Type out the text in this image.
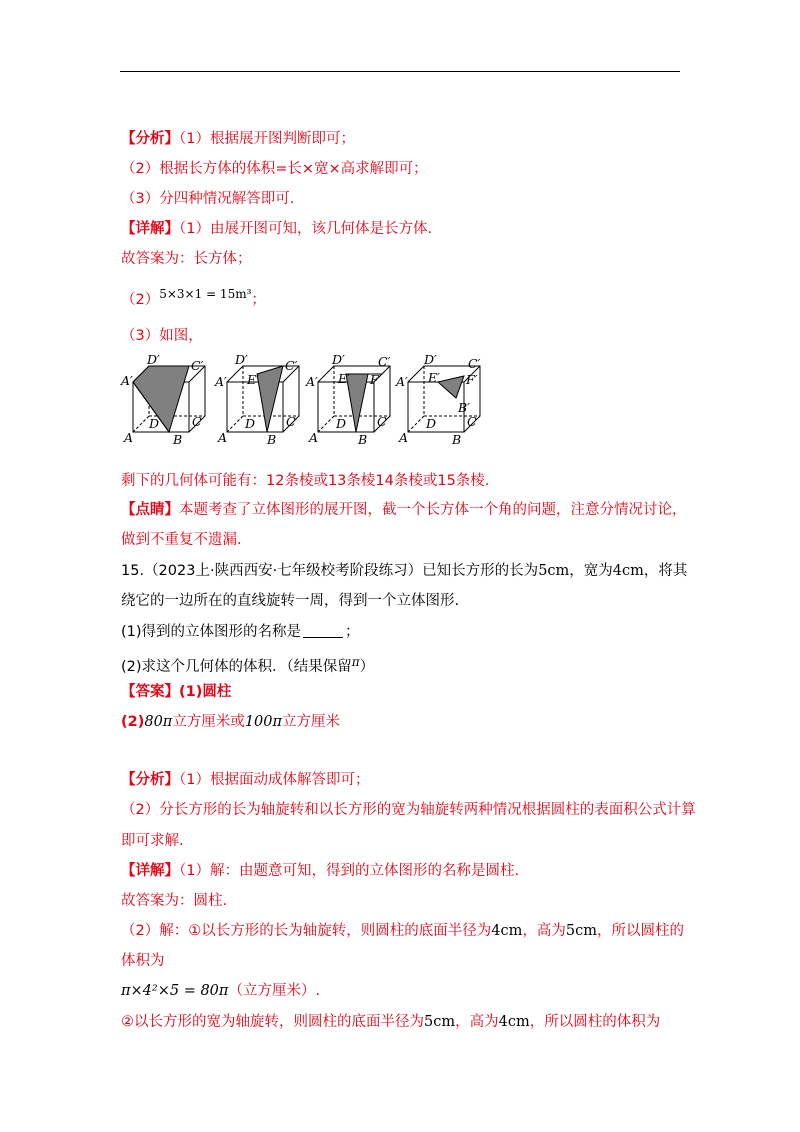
【分析】（1）根据展开图判断即可；
（2）根据长方体的体积=长×宽×高求解即可；
（3）分四种情况解答即可.
【详解】（1）由展开图可知，该几何体是长方体.
故答案为：长方体；
$(2)^{5\times 3\times 1 = 15m^3}$；
（3）如图，
A	B
C
D
A′
C′
D′
A	B
C
D
A′
C′
D′
E′
A	B
C
D
A′
C′
D′
E′ F′
A	B
C
D
A′
C′
D′
E′ F′
B′
剩下的几何体可能有：12条棱或13条棱14条棱或15条棱.
【点睛】本题考查了立体图形的展开图，截一个长方体一个角的问题，注意分情况讨论，
做到不重复不遗漏.
15.（2023上·陕西西安·七年级校考阶段练习）已知长方形的长为5cm，宽为4cm，将其
绕它的一边所在的直线旋转一周，得到一个立体图形.
(1)得到的立体图形的名称是	；
(2)求这个几何体的体积．（结果保留$^\pi$）
【答案】(1)圆柱
(2)80π立方厘米或100π立方厘米
【分析】（1）根据面动成体解答即可；
（2）分长方形的长为轴旋转和以长方形的宽为轴旋转两种情况根据圆柱的表面积公式计算
即可求解.
【详解】（1）解：由题意可知，得到的立体图形的名称是圆柱.
故答案为：圆柱.
（2）解：①以长方形的长为轴旋转，则圆柱的底面半径为4cm，高为5cm，所以圆柱的
体积为
π×4²×5 = 80π（立方厘米）.
②以长方形的宽为轴旋转，则圆柱的底面半径为5cm，高为4cm，所以圆柱的体积为
